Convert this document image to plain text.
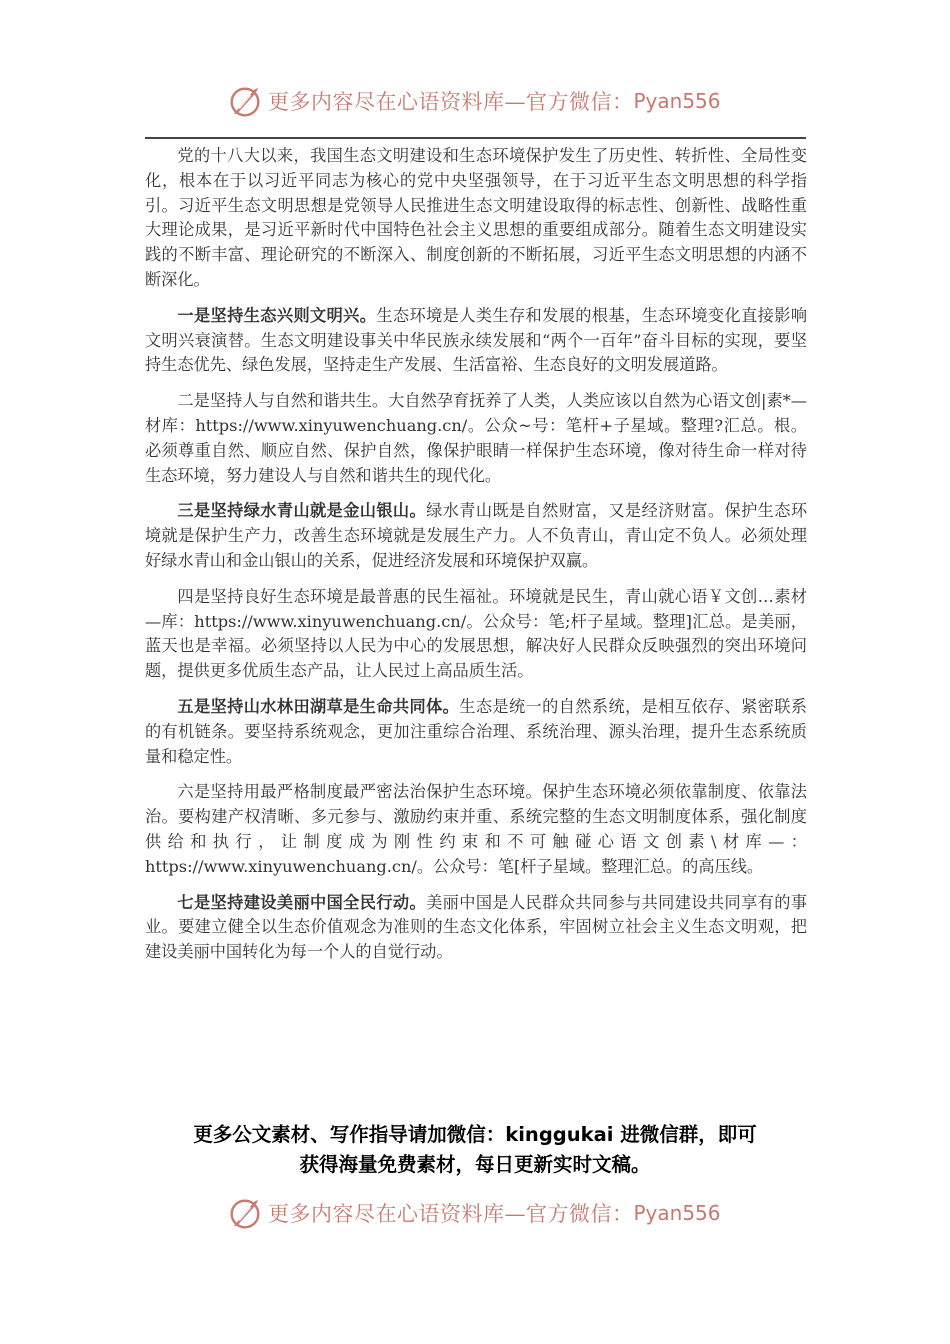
更多内容尽在心语资料库—官方微信： Pyan556

党的十八大以来，我国生态文明建设和生态环境保护发生了历史性、转折性、全局性变化，根本在于以习近平同志为核心的党中央坚强领导，在于习近平生态文明思想的科学指引。习近平生态文明思想是党领导人民推进生态文明建设取得的标志性、创新性、战略性重大理论成果，是习近平新时代中国特色社会主义思想的重要组成部分。随着生态文明建设实践的不断丰富、理论研究的不断深入、制度创新的不断拓展，习近平生态文明思想的内涵不断深化。

一是坚持生态兴则文明兴。生态环境是人类生存和发展的根基，生态环境变化直接影响文明兴衰演替。生态文明建设事关中华民族永续发展和“两个一百年”奋斗目标的实现，要坚持生态优先、绿色发展，坚持走生产发展、生活富裕、生态良好的文明发展道路。

二是坚持人与自然和谐共生。大自然孕育抚养了人类，人类应该以自然为心语文创|素*—材库：https://www.xinyuwenchuang.cn/。公众~号：笔杆+子星域。整理?汇总。根。必须尊重自然、顺应自然、保护自然，像保护眼睛一样保护生态环境，像对待生命一样对待生态环境，努力建设人与自然和谐共生的现代化。

三是坚持绿水青山就是金山银山。绿水青山既是自然财富，又是经济财富。保护生态环境就是保护生产力，改善生态环境就是发展生产力。人不负青山，青山定不负人。必须处理好绿水青山和金山银山的关系，促进经济发展和环境保护双赢。

四是坚持良好生态环境是最普惠的民生福祉。环境就是民生，青山就心语￥文创…素材—库：https://www.xinyuwenchuang.cn/。公众号：笔;杆子星域。整理]汇总。是美丽，蓝天也是幸福。必须坚持以人民为中心的发展思想，解决好人民群众反映强烈的突出环境问题，提供更多优质生态产品，让人民过上高品质生活。

五是坚持山水林田湖草是生命共同体。生态是统一的自然系统，是相互依存、紧密联系的有机链条。要坚持系统观念，更加注重综合治理、系统治理、源头治理，提升生态系统质量和稳定性。

六是坚持用最严格制度最严密法治保护生态环境。保护生态环境必须依靠制度、依靠法治。要构建产权清晰、多元参与、激励约束并重、系统完整的生态文明制度体系，强化制度供给和执行，让制度成为刚性约束和不可触碰心语文创素\材库—：https://www.xinyuwenchuang.cn/。公众号：笔[杆子星域。整理汇总。的高压线。

七是坚持建设美丽中国全民行动。美丽中国是人民群众共同参与共同建设共同享有的事业。要建立健全以生态价值观念为准则的生态文化体系，牢固树立社会主义生态文明观，把建设美丽中国转化为每一个人的自觉行动。

更多公文素材、写作指导请加微信：kinggukai 进微信群，即可
获得海量免费素材，每日更新实时文稿。
更多内容尽在心语资料库—官方微信： Pyan556
